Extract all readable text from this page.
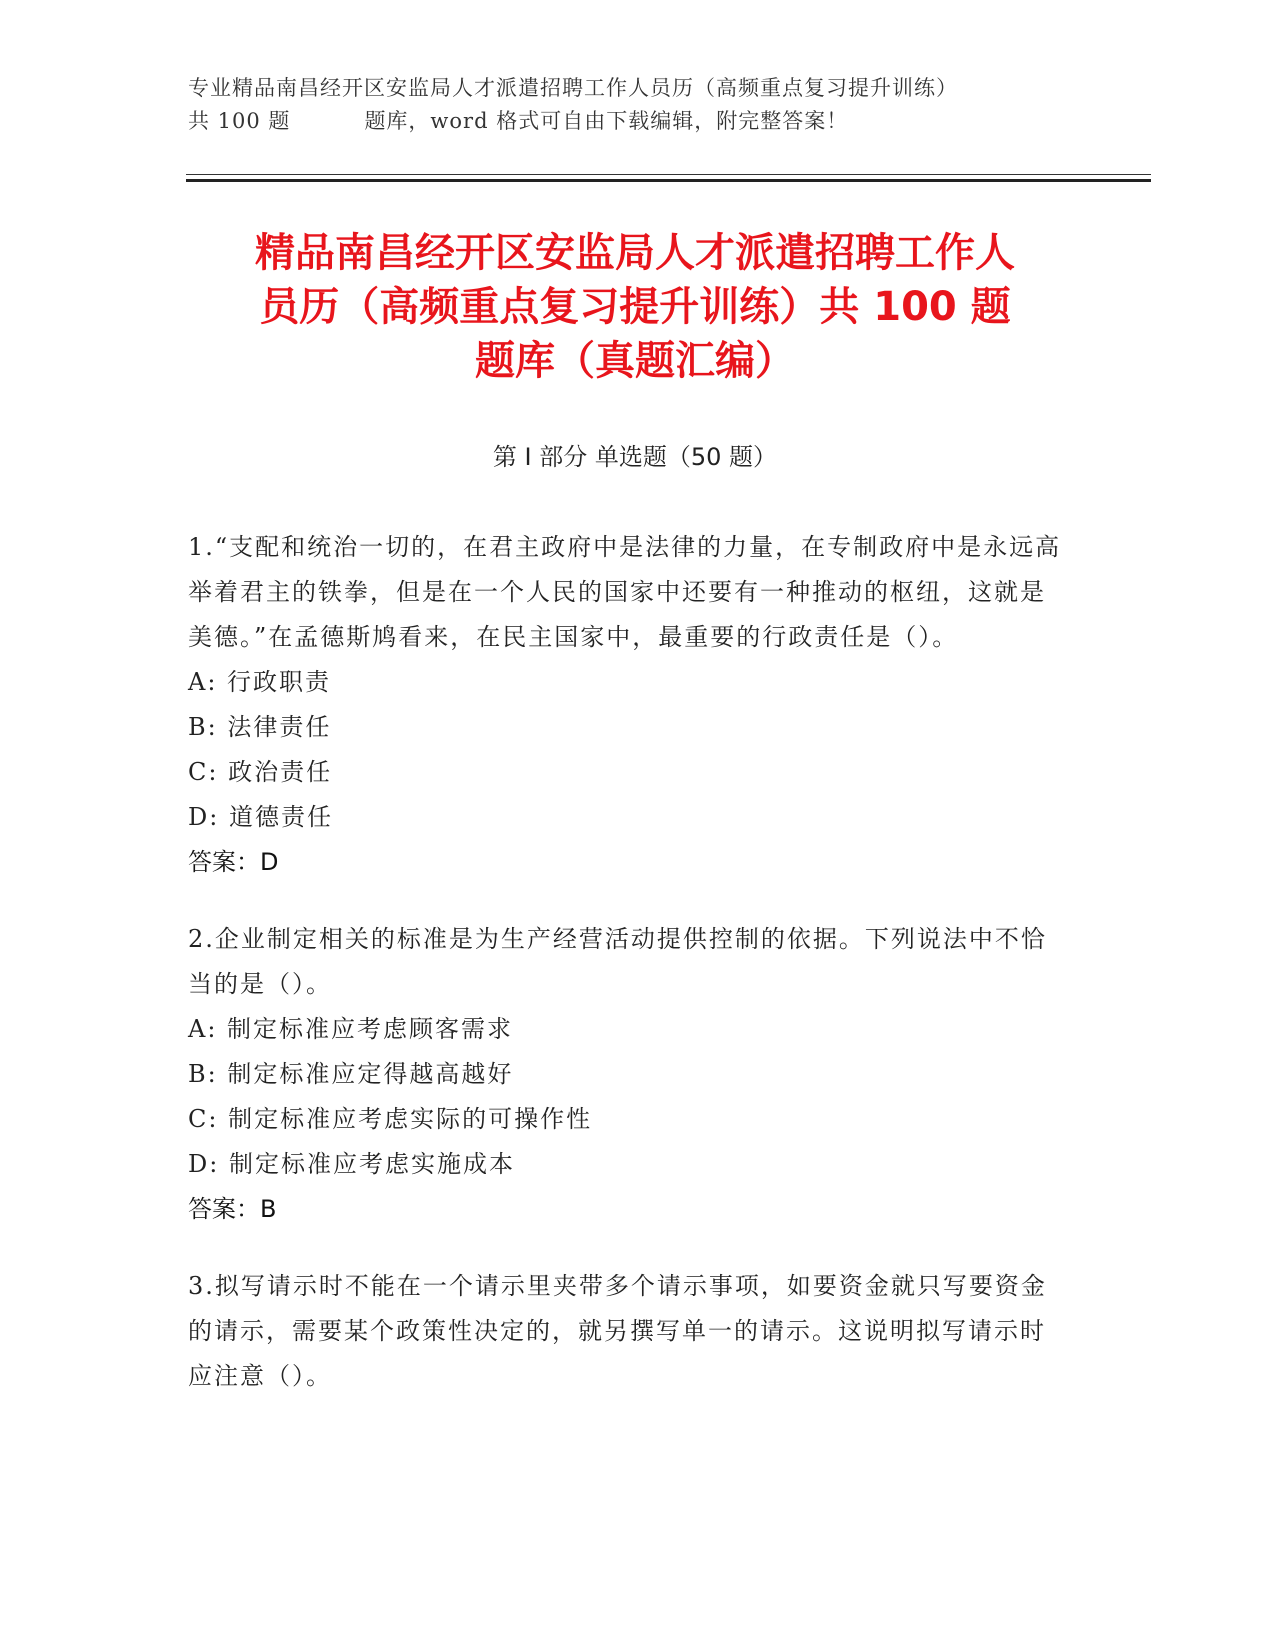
专业精品南昌经开区安监局人才派遣招聘工作人员历（高频重点复习提升训练）
共 100 题	题库，word 格式可自由下载编辑，附完整答案！
精品南昌经开区安监局人才派遣招聘工作人
员历（高频重点复习提升训练）共 100 题
题库（真题汇编）
第 I 部分 单选题（50 题）

1.“支配和统治一切的，在君主政府中是法律的力量，在专制政府中是永远高举着君主的铁拳，但是在一个人民的国家中还要有一种推动的枢纽，这就是美德。”在孟德斯鸠看来，在民主国家中，最重要的行政责任是（）。

A: 行政职责

B: 法律责任

C: 政治责任

D: 道德责任

答案：D

2.企业制定相关的标准是为生产经营活动提供控制的依据。下列说法中不恰当的是（）。

A: 制定标准应考虑顾客需求

B: 制定标准应定得越高越好

C: 制定标准应考虑实际的可操作性

D: 制定标准应考虑实施成本

答案：B

3.拟写请示时不能在一个请示里夹带多个请示事项，如要资金就只写要资金的请示，需要某个政策性决定的，就另撰写单一的请示。这说明拟写请示时应注意（）。
